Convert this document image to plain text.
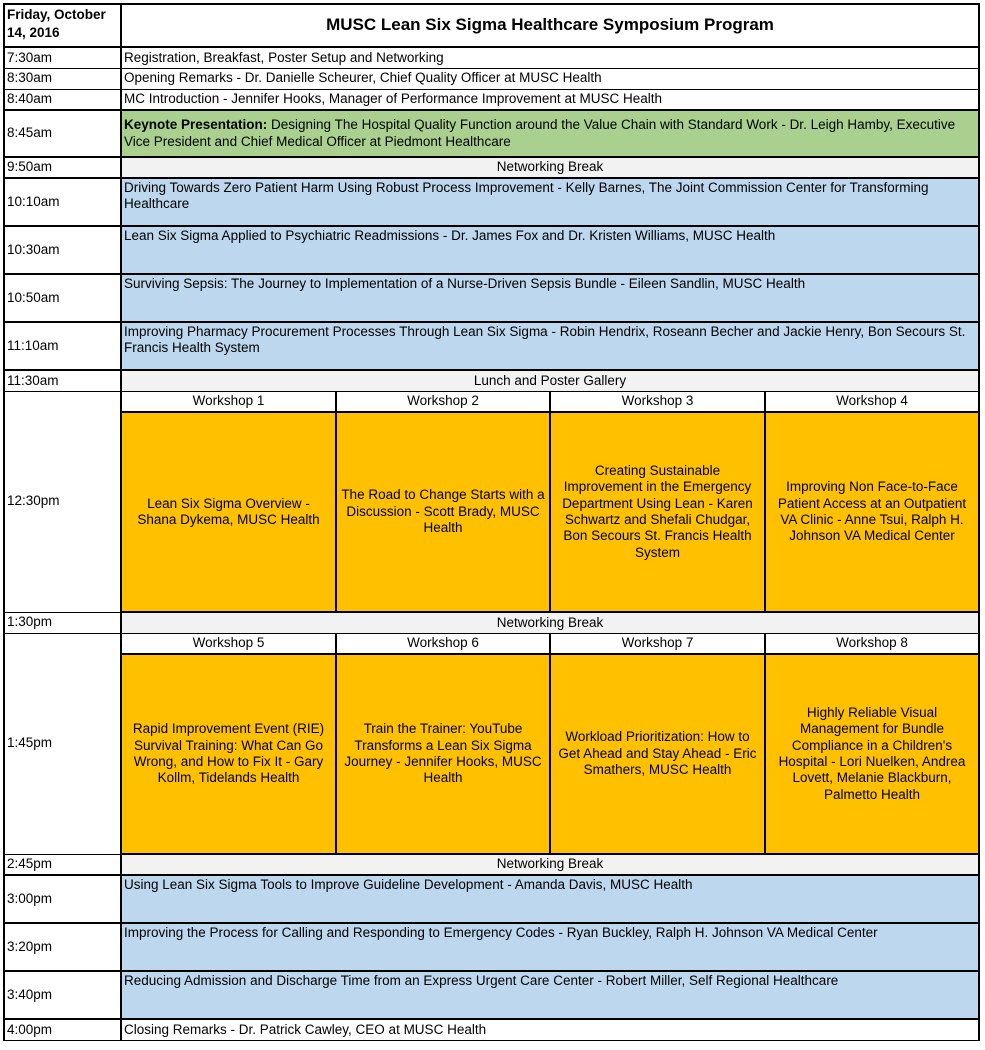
Friday, October 14, 2016	MUSC Lean Six Sigma Healthcare Symposium Program			
7:30am	Registration, Breakfast, Poster Setup and Networking			
8:30am	Opening Remarks - Dr. Danielle Scheurer, Chief Quality Officer at MUSC Health			
8:40am	MC Introduction - Jennifer Hooks, Manager of Performance Improvement at MUSC Health			
8:45am	Keynote Presentation: Designing The Hospital Quality Function around the Value Chain with Standard Work - Dr. Leigh Hamby, Executive Vice President and Chief Medical Officer at Piedmont Healthcare			
9:50am	Networking Break			
10:10am	Driving Towards Zero Patient Harm Using Robust Process Improvement - Kelly Barnes, The Joint Commission Center for Transforming Healthcare			
10:30am	Lean Six Sigma Applied to Psychiatric Readmissions - Dr. James Fox and Dr. Kristen Williams, MUSC Health			
10:50am	Surviving Sepsis: The Journey to Implementation of a Nurse-Driven Sepsis Bundle - Eileen Sandlin, MUSC Health			
11:10am	Improving Pharmacy Procurement Processes Through Lean Six Sigma - Robin Hendrix, Roseann Becher and Jackie Henry, Bon Secours St. Francis Health System			
11:30am	Lunch and Poster Gallery			
12:30pm	Workshop 1	Workshop 2	Workshop 3	Workshop 4
	Lean Six Sigma Overview - Shana Dykema, MUSC Health	The Road to Change Starts with a Discussion - Scott Brady, MUSC Health	Creating Sustainable Improvement in the Emergency Department Using Lean - Karen Schwartz and Shefali Chudgar, Bon Secours St. Francis Health System	Improving Non Face-to-Face Patient Access at an Outpatient VA Clinic - Anne Tsui, Ralph H. Johnson VA Medical Center
1:30pm	Networking Break			
1:45pm	Workshop 5	Workshop 6	Workshop 7	Workshop 8
	Rapid Improvement Event (RIE) Survival Training: What Can Go Wrong, and How to Fix It - Gary Kollm, Tidelands Health	Train the Trainer: YouTube Transforms a Lean Six Sigma Journey - Jennifer Hooks, MUSC Health	Workload Prioritization: How to Get Ahead and Stay Ahead - Eric Smathers, MUSC Health	Highly Reliable Visual Management for Bundle Compliance in a Children's Hospital - Lori Nuelken, Andrea Lovett, Melanie Blackburn, Palmetto Health
2:45pm	Networking Break			
3:00pm	Using Lean Six Sigma Tools to Improve Guideline Development - Amanda Davis, MUSC Health			
3:20pm	Improving the Process for Calling and Responding to Emergency Codes - Ryan Buckley, Ralph H. Johnson VA Medical Center			
3:40pm	Reducing Admission and Discharge Time from an Express Urgent Care Center - Robert Miller, Self Regional Healthcare			
4:00pm	Closing Remarks - Dr. Patrick Cawley, CEO at MUSC Health			
